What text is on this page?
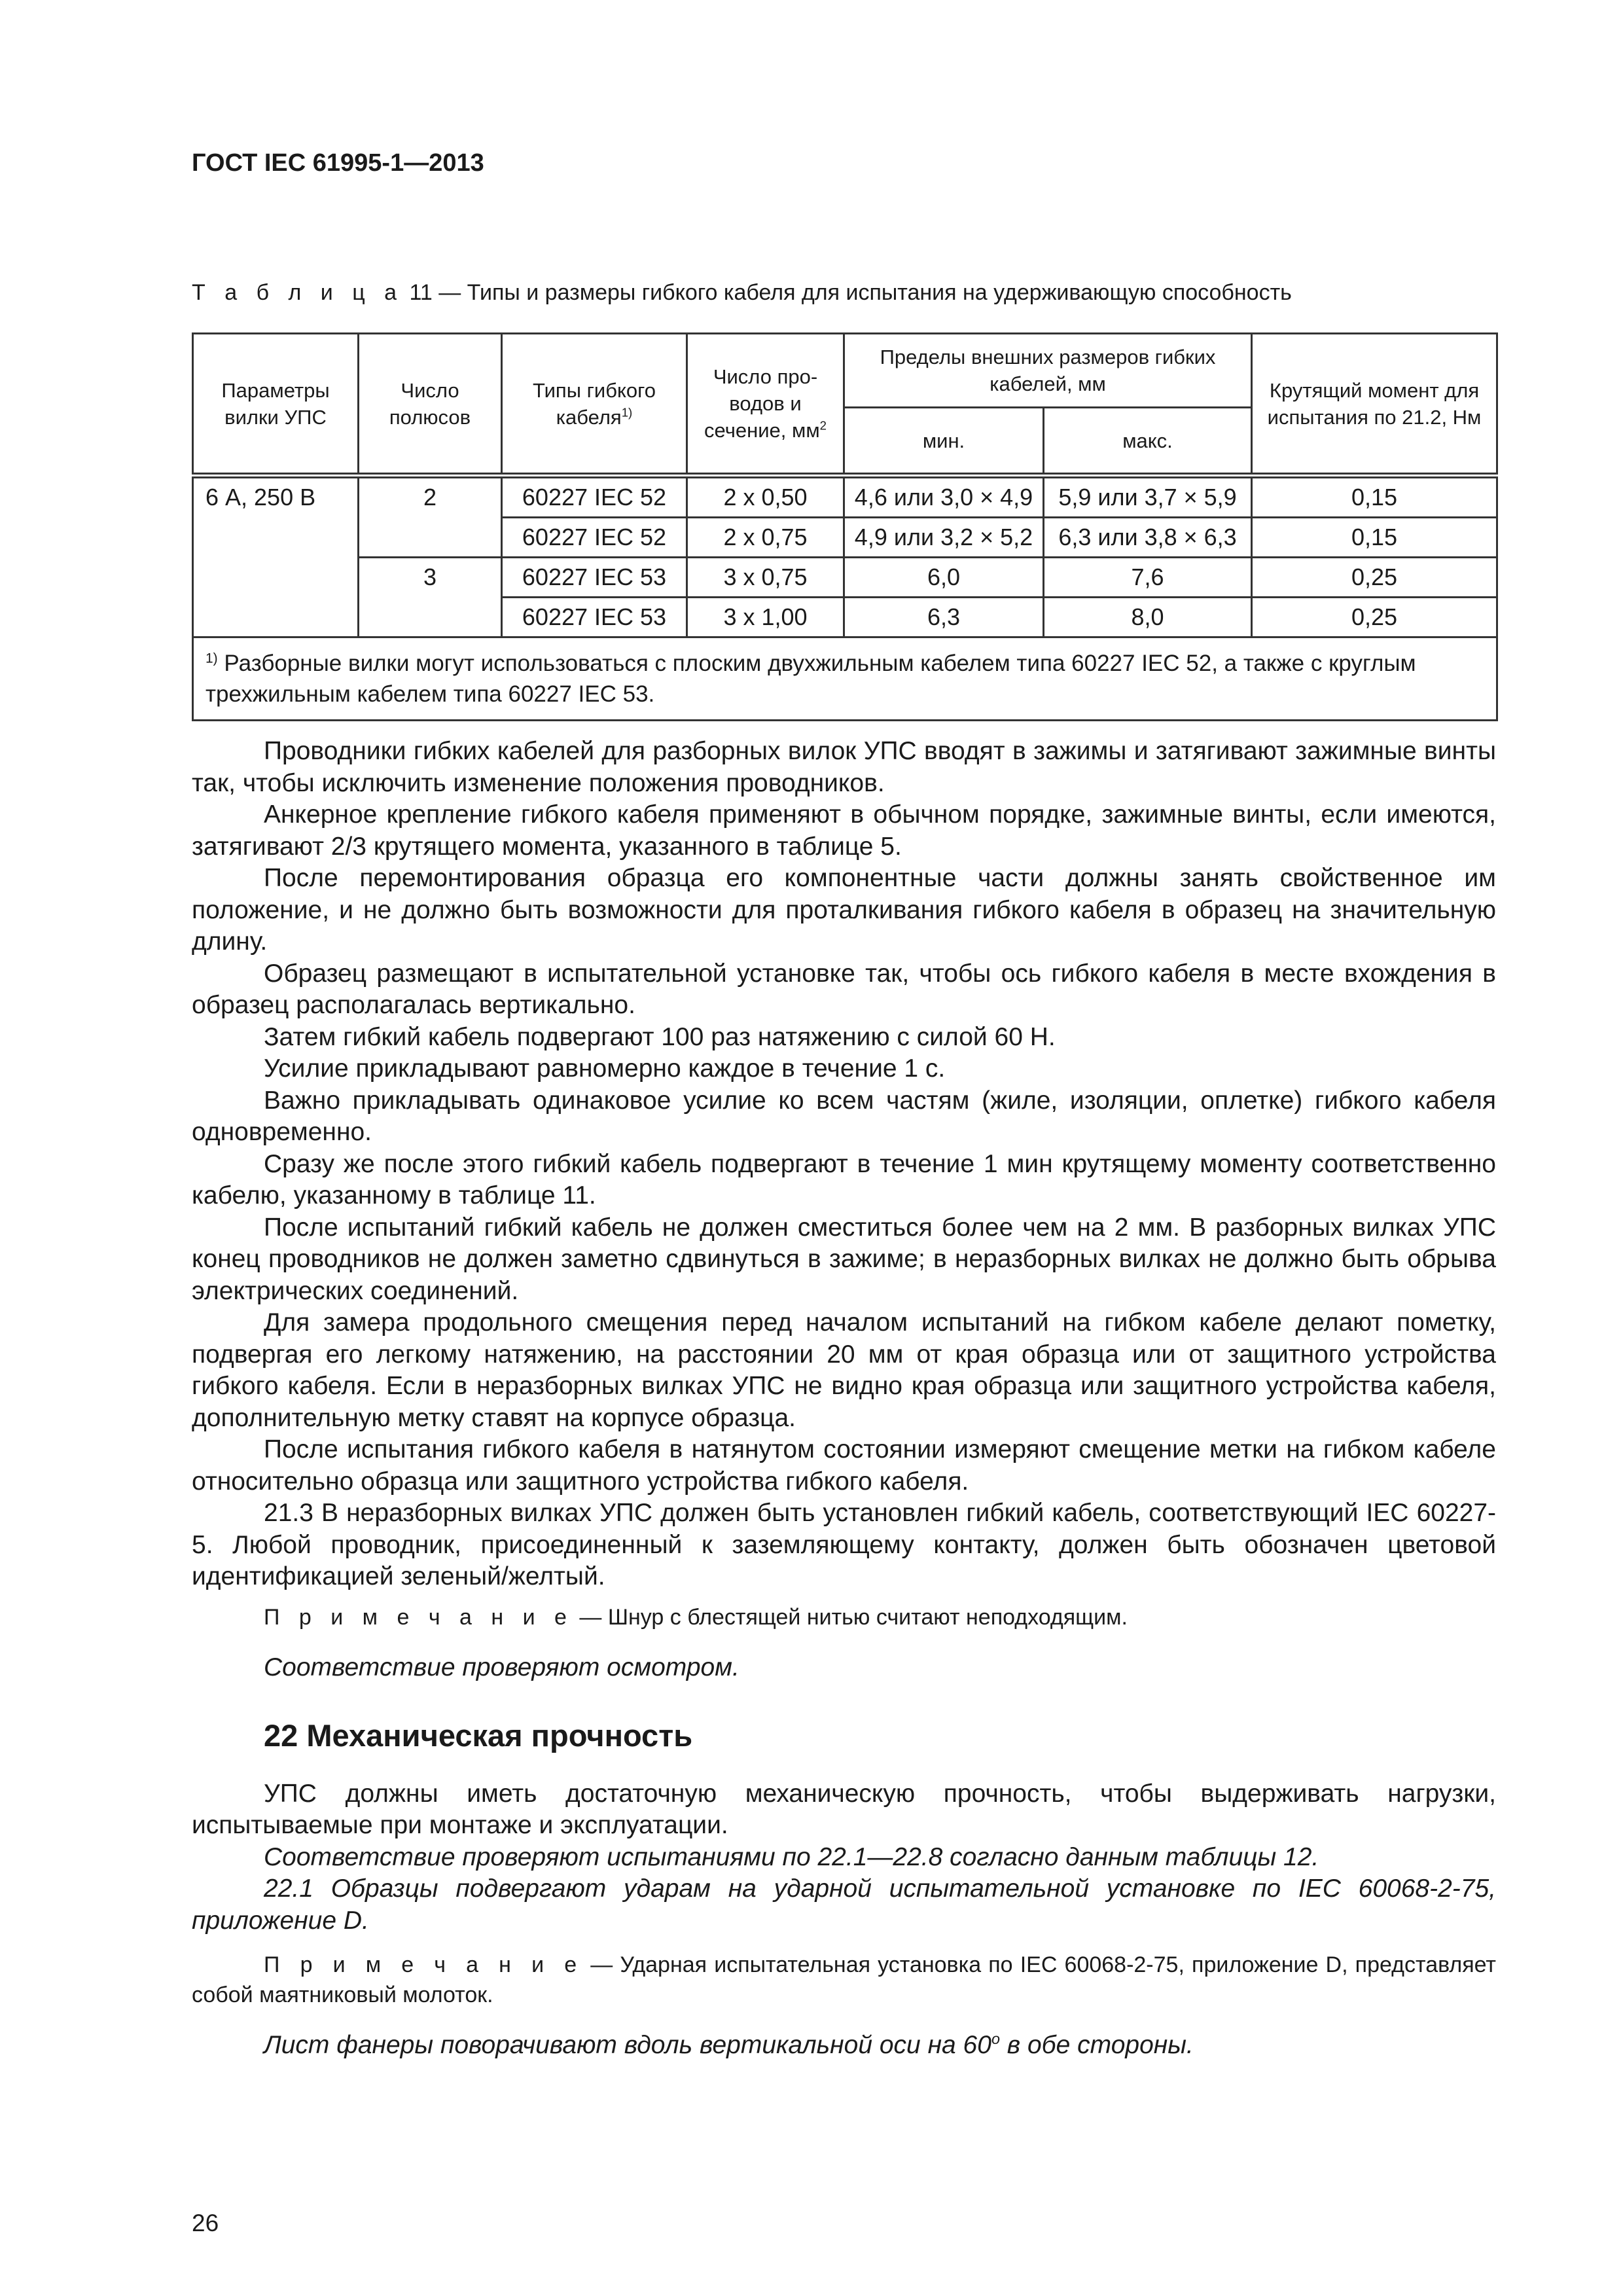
ГОСТ IEC 61995-1—2013
Т а б л и ц а 11 — Типы и размеры гибкого кабеля для испытания на удерживающую способность
Параметры вилки УПС	Число полюсов	Типы гибкого кабеля$^{1)}$	Число про-водов и сечение, $мм^2$	Пределы внешних размеров гибких кабелей, мм		Крутящий момент для испытания по 21.2, Нм
				мин.	макс.	
6 А, 250 В	2	60227 IEC 52	2 x 0,50	4,6 или 3,0 × 4,9	5,9 или 3,7 × 5,9	0,15
		60227 IEC 52	2 x 0,75	4,9 или 3,2 × 5,2	6,3 или 3,8 × 6,3	0,15
	3	60227 IEC 53	3 x 0,75	6,0	7,6	0,25
		60227 IEC 53	3 x 1,00	6,3	8,0	0,25
$^{1)}$ Разборные вилки могут использоваться с плоским двухжильным кабелем типа 60227 IEC 52, а также с круглым трехжильным кабелем типа 60227 IEC 53.						

Проводники гибких кабелей для разборных вилок УПС вводят в зажимы и затягивают зажимные винты так, чтобы исключить изменение положения проводников.

Анкерное крепление гибкого кабеля применяют в обычном порядке, зажимные винты, если имеются, затягивают 2/3 крутящего момента, указанного в таблице 5.

После перемонтирования образца его компонентные части должны занять свойственное им положение, и не должно быть возможности для проталкивания гибкого кабеля в образец на значительную длину.

Образец размещают в испытательной установке так, чтобы ось гибкого кабеля в месте вхождения в образец располагалась вертикально.

Затем гибкий кабель подвергают 100 раз натяжению с силой 60 Н.

Усилие прикладывают равномерно каждое в течение 1 с.

Важно прикладывать одинаковое усилие ко всем частям (жиле, изоляции, оплетке) гибкого кабеля одновременно.

Сразу же после этого гибкий кабель подвергают в течение 1 мин крутящему моменту соответственно кабелю, указанному в таблице 11.

После испытаний гибкий кабель не должен сместиться более чем на 2 мм. В разборных вилках УПС конец проводников не должен заметно сдвинуться в зажиме; в неразборных вилках не должно быть обрыва электрических соединений.

Для замера продольного смещения перед началом испытаний на гибком кабеле делают пометку, подвергая его легкому натяжению, на расстоянии 20 мм от края образца или от защитного устройства гибкого кабеля. Если в неразборных вилках УПС не видно края образца или защитного устройства кабеля, дополнительную метку ставят на корпусе образца.

После испытания гибкого кабеля в натянутом состоянии измеряют смещение метки на гибком кабеле относительно образца или защитного устройства гибкого кабеля.

21.3 В неразборных вилках УПС должен быть установлен гибкий кабель, соответствующий IEC 60227-5. Любой проводник, присоединенный к заземляющему контакту, должен быть обозначен цветовой идентификацией зеленый/желтый.

П р и м е ч а н и е — Шнур с блестящей нитью считают неподходящим.

Соответствие проверяют осмотром.

22 Механическая прочность

УПС должны иметь достаточную механическую прочность, чтобы выдерживать нагрузки, испытываемые при монтаже и эксплуатации.

Соответствие проверяют испытаниями по 22.1—22.8 согласно данным таблицы 12.

22.1 Образцы подвергают ударам на ударной испытательной установке по IEC 60068-2-75, приложение D.

П р и м е ч а н и е — Ударная испытательная установка по IEC 60068-2-75, приложение D, представляет собой маятниковый молоток.

Лист фанеры поворачивают вдоль вертикальной оси на 60$^o$ в обе стороны.

26
